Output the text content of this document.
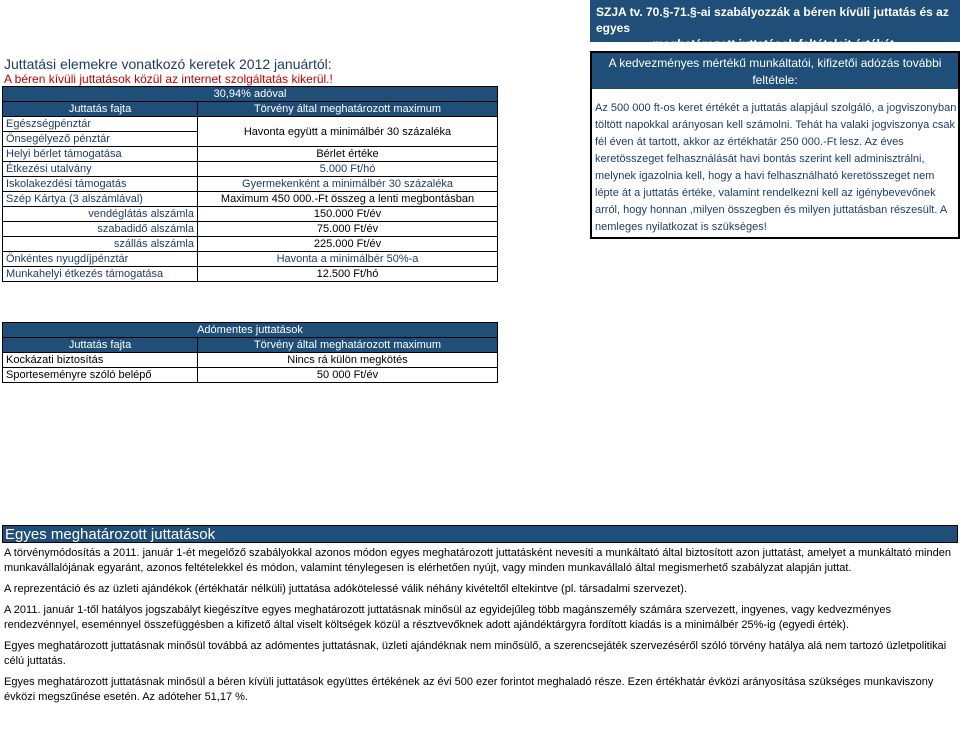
SZJA tv. 70.§-71.§-ai szabályozzák a béren kívüli juttatás és az egyes
meghatározott juttatások feltételeit,értékét.
Juttatási elemekre vonatkozó keretek 2012 januártól:
A béren kívüli juttatások közül az internet szolgáltatás kikerül.!
30,94% adóval	
Juttatás fajta	Törvény által meghatározott maximum
Egészségpénztár	Havonta együtt a minimálbér 30 százaléka
Önsegélyező pénztár	
Helyi bérlet támogatása	Bérlet értéke
Étkezési utalvány	5.000 Ft/hó
Iskolakezdési támogatás	Gyermekenként a minimálbér 30 százaléka
Szép Kártya (3 alszámlával)	Maximum 450 000.-Ft összeg a lenti megbontásban
vendéglátás alszámla	150.000 Ft/év
szabadidő alszámla	75.000 Ft/év
szállás alszámla	225.000 Ft/év
Önkéntes nyugdíjpénztár	Havonta a minimálbér 50%-a
Munkahelyi étkezés támogatása	12.500 Ft/hó
A kedvezményes mértékű munkáltatói, kifizetői adózás további feltétele:
Az 500 000 ft-os keret értékét a juttatás alapjául szolgáló, a jogviszonyban töltött napokkal arányosan kell számolni. Tehát ha valaki jogviszonya csak fél éven át tartott, akkor az értékhatár 250 000.-Ft lesz. Az éves keretösszeget felhasználását havi bontás szerint kell adminisztrálni, melynek igazolnia kell, hogy a havi felhasználható keretösszeget nem lépte át a juttatás értéke, valamint rendelkezni kell az igénybevevőnek arról, hogy honnan ,milyen összegben és milyen juttatásban részesült. A nemleges nyilatkozat is szükséges!
Adómentes juttatások	
Juttatás fajta	Törvény által meghatározott maximum
Kockázati biztosítás	Nincs rá külön megkötés
Sporteseményre szóló belépő	50 000 Ft/év
Egyes meghatározott juttatások

A törvénymódosítás a 2011. január 1-ét megelőző szabályokkal azonos módon egyes meghatározott juttatásként nevesíti a munkáltató által biztosított azon juttatást, amelyet a munkáltató minden munkavállalójának egyaránt, azonos feltételekkel és módon, valamint ténylegesen is elérhetően nyújt, vagy minden munkavállaló által megismerhető szabályzat alapján juttat.

A reprezentáció és az üzleti ajándékok (értékhatár nélküli) juttatása adókötelessé válik néhány kivételtől eltekintve (pl. társadalmi szervezet).

A 2011. január 1-től hatályos jogszabályt kiegészítve egyes meghatározott juttatásnak minősül az egyidejűleg több magánszemély számára szervezett, ingyenes, vagy kedvezményes rendezvénnyel, eseménnyel összefüggésben a kifizető által viselt költségek közül a résztvevőknek adott ajándéktárgyra fordított kiadás is a minimálbér 25%-ig (egyedi érték).

Egyes meghatározott juttatásnak minősül továbbá az adómentes juttatásnak, üzleti ajándéknak nem minősülő, a szerencsejáték szervezéséről szóló törvény hatálya alá nem tartozó üzletpolitikai célú juttatás.

Egyes meghatározott juttatásnak minősül a béren kívüli juttatások együttes értékének az évi 500 ezer forintot meghaladó része. Ezen értékhatár évközi arányosítása szükséges munkaviszony évközi megszűnése esetén. Az adóteher 51,17 %.
